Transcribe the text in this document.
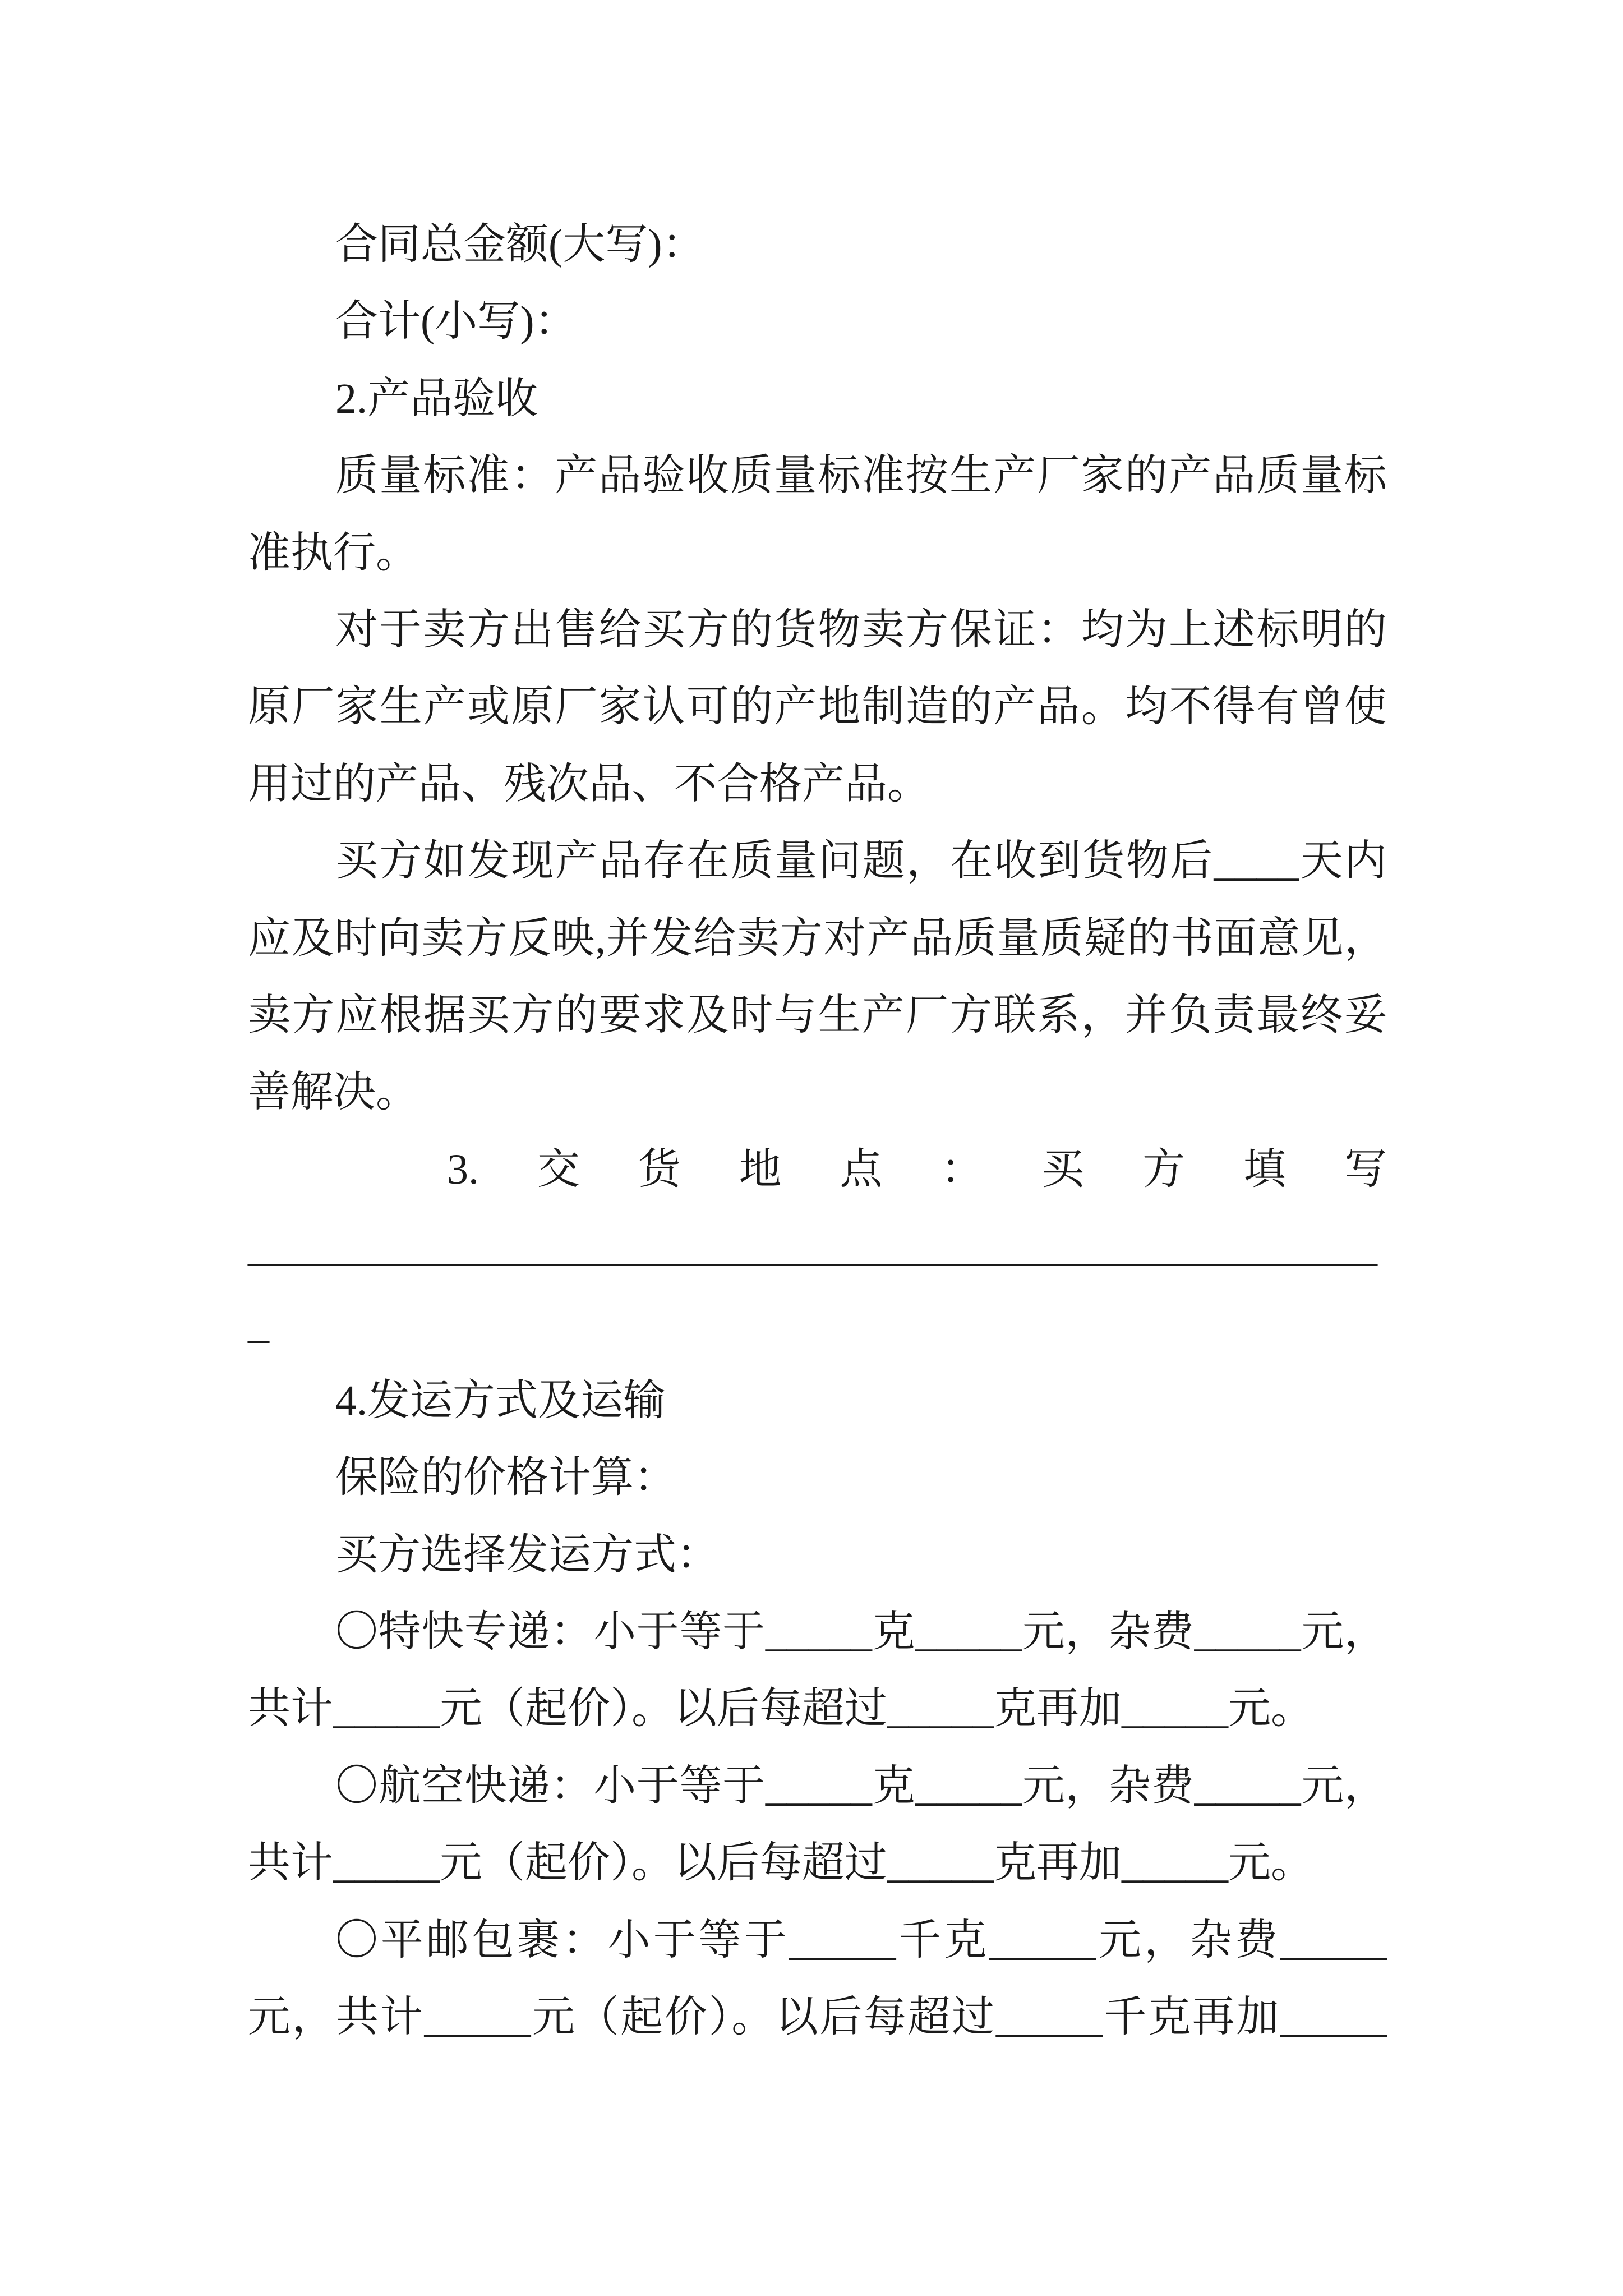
合同总金额(大写)：
合计(小写)：
2.产品验收
质量标准：产品验收质量标准按生产厂家的产品质量标
准执行。
对于卖方出售给买方的货物卖方保证：均为上述标明的
原厂家生产或原厂家认可的产地制造的产品。均不得有曾使
用过的产品、残次品、不合格产品。
买方如发现产品存在质量问题，在收到货物后____天内
应及时向卖方反映,并发给卖方对产品质量质疑的书面意见，
卖方应根据买方的要求及时与生产厂方联系，并负责最终妥
善解决。
3.交货地点：买方填写
_____________________________________________________
_
4.发运方式及运输
保险的价格计算：
买方选择发运方式：
〇特快专递：小于等于_____克_____元，杂费_____元，
共计_____元（起价）。以后每超过_____克再加_____元。
〇航空快递：小于等于_____克_____元，杂费_____元，
共计_____元（起价）。以后每超过_____克再加_____元。
〇平邮包裹：小于等于_____千克_____元，杂费_____
元，共计_____元（起价）。以后每超过_____千克再加_____
